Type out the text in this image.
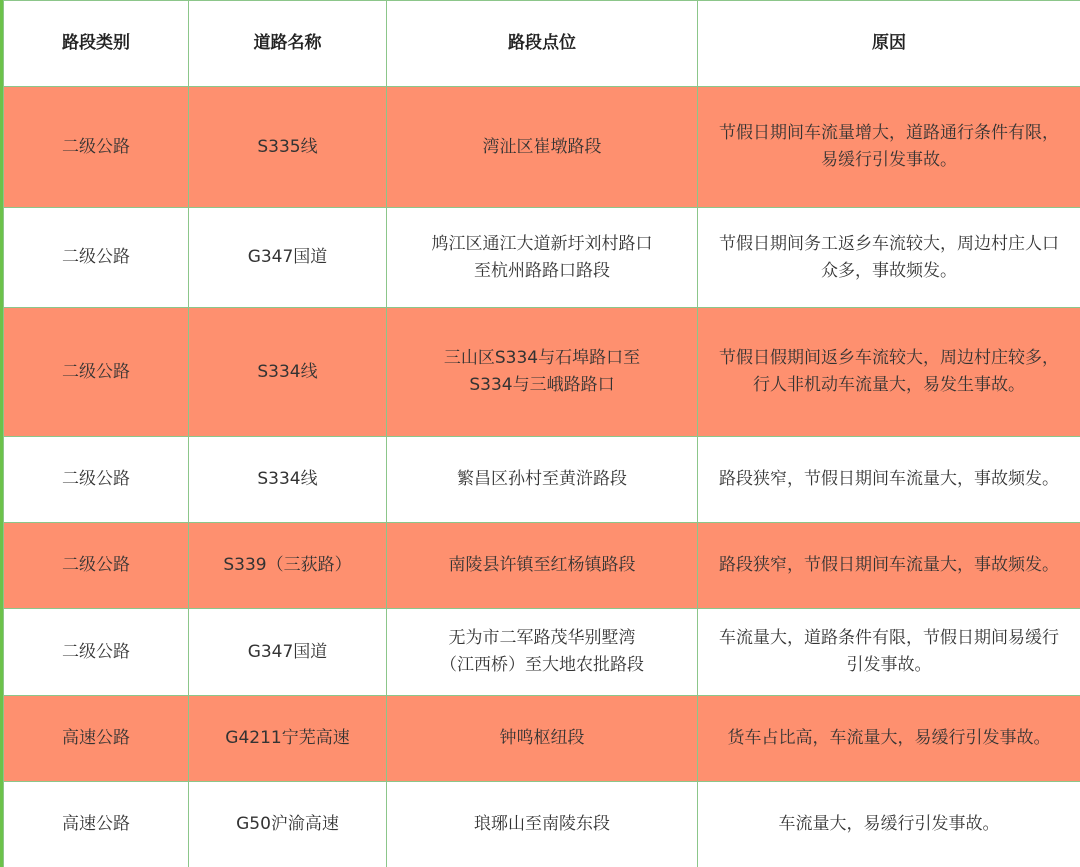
路段类别	道路名称	路段点位	原因
二级公路	S335线	湾沚区崔墩路段	节假日期间车流量增大，道路通行条件有限，
易缓行引发事故。
二级公路	G347国道	鸠江区通江大道新圩刘村路口
至杭州路路口路段	节假日期间务工返乡车流较大，周边村庄人口
众多，事故频发。
二级公路	S334线	三山区S334与石埠路口至
S334与三峨路路口	节假日假期间返乡车流较大，周边村庄较多，
行人非机动车流量大，易发生事故。
二级公路	S334线	繁昌区孙村至黄浒路段	路段狭窄，节假日期间车流量大，事故频发。
二级公路	S339（三荻路）	南陵县许镇至红杨镇路段	路段狭窄，节假日期间车流量大，事故频发。
二级公路	G347国道	无为市二军路茂华别墅湾
（江西桥）至大地农批路段	车流量大，道路条件有限，节假日期间易缓行
引发事故。
高速公路	G4211宁芜高速	钟鸣枢纽段	货车占比高，车流量大，易缓行引发事故。
高速公路	G50沪渝高速	琅琊山至南陵东段	车流量大，易缓行引发事故。
